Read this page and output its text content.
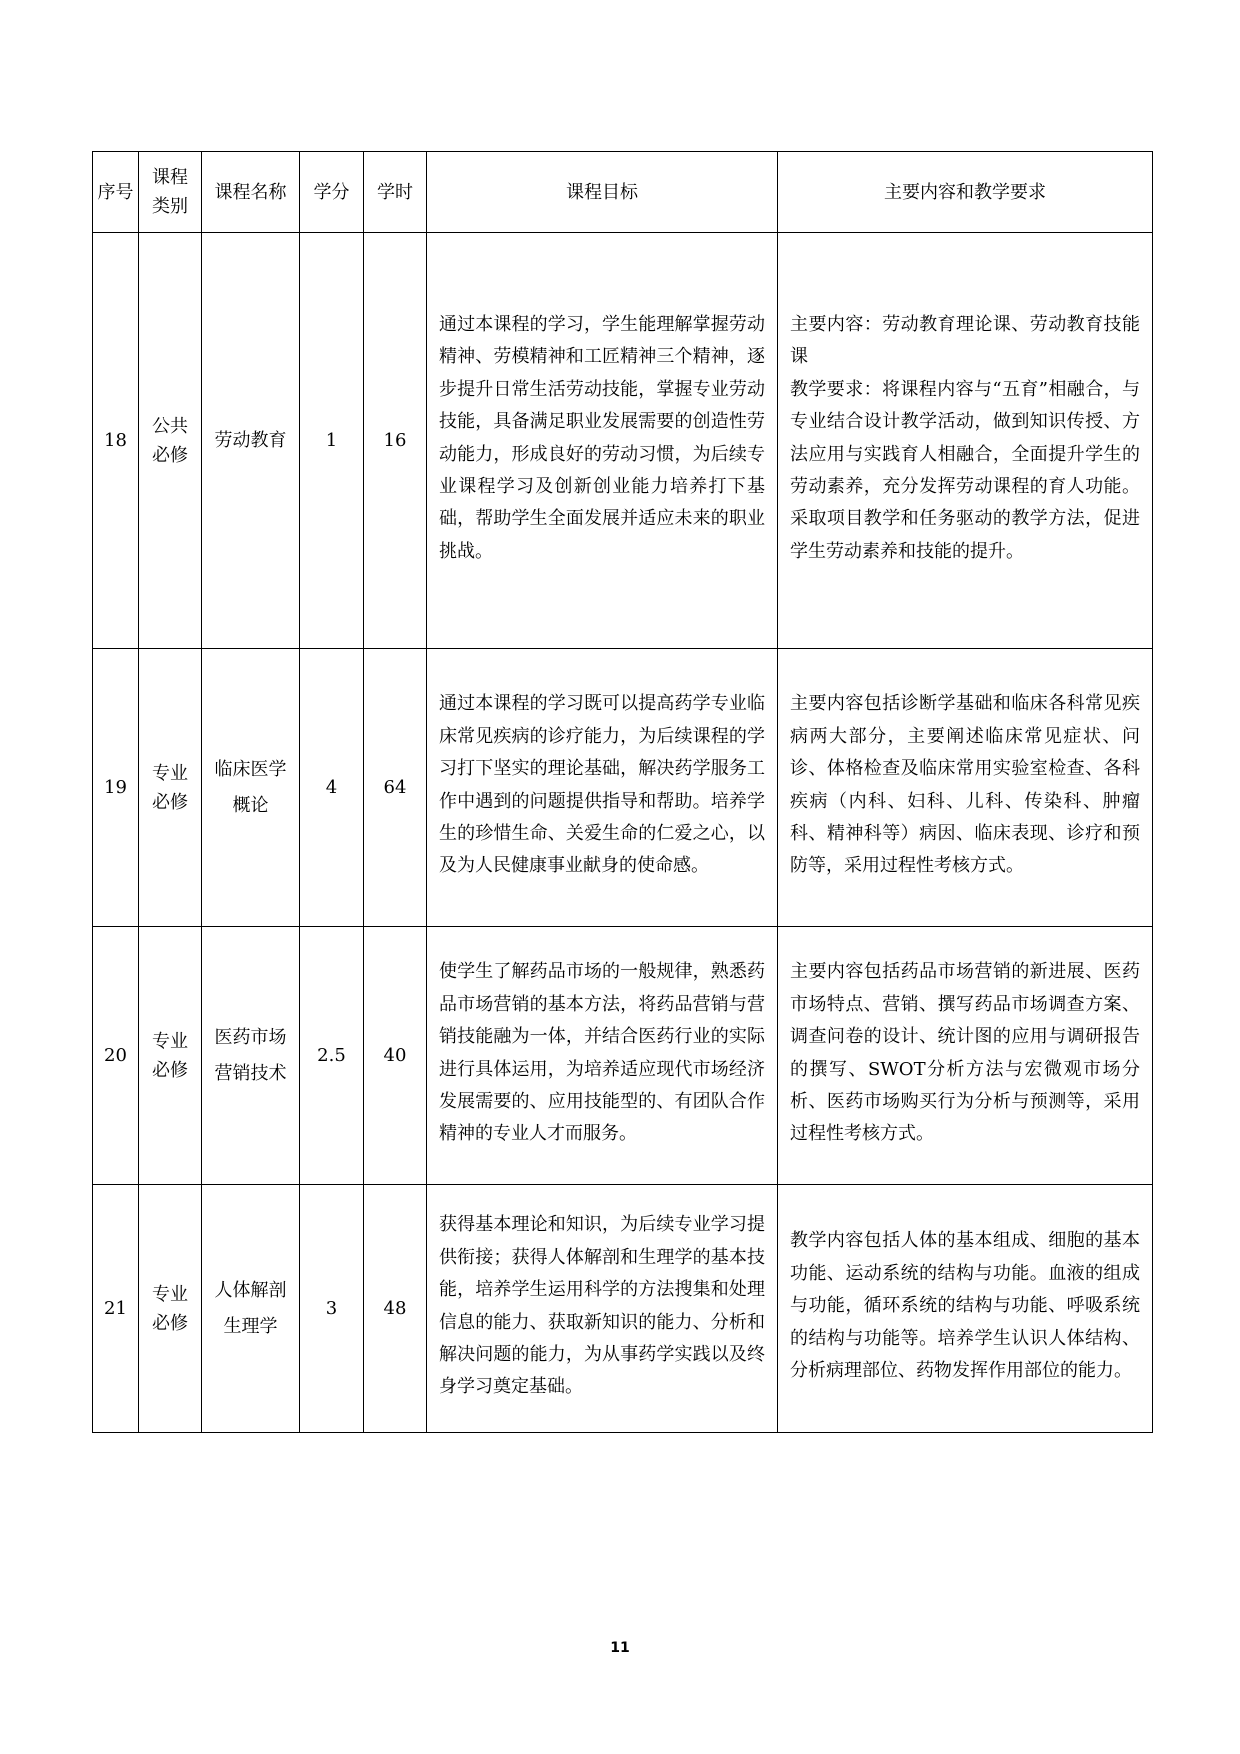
序号	课程类别	课程名称	学分	学时	课程目标	主要内容和教学要求
18	公共必修	劳动教育	1	16	通过本课程的学习，学生能理解掌握劳动精神、劳模精神和工匠精神三个精神，逐步提升日常生活劳动技能，掌握专业劳动技能，具备满足职业发展需要的创造性劳动能力，形成良好的劳动习惯，为后续专业课程学习及创新创业能力培养打下基础，帮助学生全面发展并适应未来的职业挑战。	主要内容：劳动教育理论课、劳动教育技能课
教学要求：将课程内容与“五育”相融合，与专业结合设计教学活动，做到知识传授、方法应用与实践育人相融合，全面提升学生的劳动素养，充分发挥劳动课程的育人功能。采取项目教学和任务驱动的教学方法，促进学生劳动素养和技能的提升。

19	专业必修	临床医学概论	4	64	通过本课程的学习既可以提高药学专业临床常见疾病的诊疗能力，为后续课程的学习打下坚实的理论基础，解决药学服务工作中遇到的问题提供指导和帮助。培养学生的珍惜生命、关爱生命的仁爱之心，以及为人民健康事业献身的使命感。	主要内容包括诊断学基础和临床各科常见疾病两大部分，主要阐述临床常见症状、问诊、体格检查及临床常用实验室检查、各科疾病（内科、妇科、儿科、传染科、肿瘤科、精神科等）病因、临床表现、诊疗和预防等，采用过程性考核方式。
20	专业必修	医药市场营销技术	2.5	40	使学生了解药品市场的一般规律，熟悉药品市场营销的基本方法，将药品营销与营销技能融为一体，并结合医药行业的实际进行具体运用，为培养适应现代市场经济发展需要的、应用技能型的、有团队合作精神的专业人才而服务。	主要内容包括药品市场营销的新进展、医药市场特点、营销、撰写药品市场调查方案、调查问卷的设计、统计图的应用与调研报告的撰写、SWOT分析方法与宏微观市场分析、医药市场购买行为分析与预测等，采用过程性考核方式。
21	专业必修	人体解剖生理学	3	48	获得基本理论和知识，为后续专业学习提供衔接；获得人体解剖和生理学的基本技能，培养学生运用科学的方法搜集和处理信息的能力、获取新知识的能力、分析和解决问题的能力，为从事药学实践以及终身学习奠定基础。	教学内容包括人体的基本组成、细胞的基本功能、运动系统的结构与功能。血液的组成与功能，循环系统的结构与功能、呼吸系统的结构与功能等。培养学生认识人体结构、分析病理部位、药物发挥作用部位的能力。
11
